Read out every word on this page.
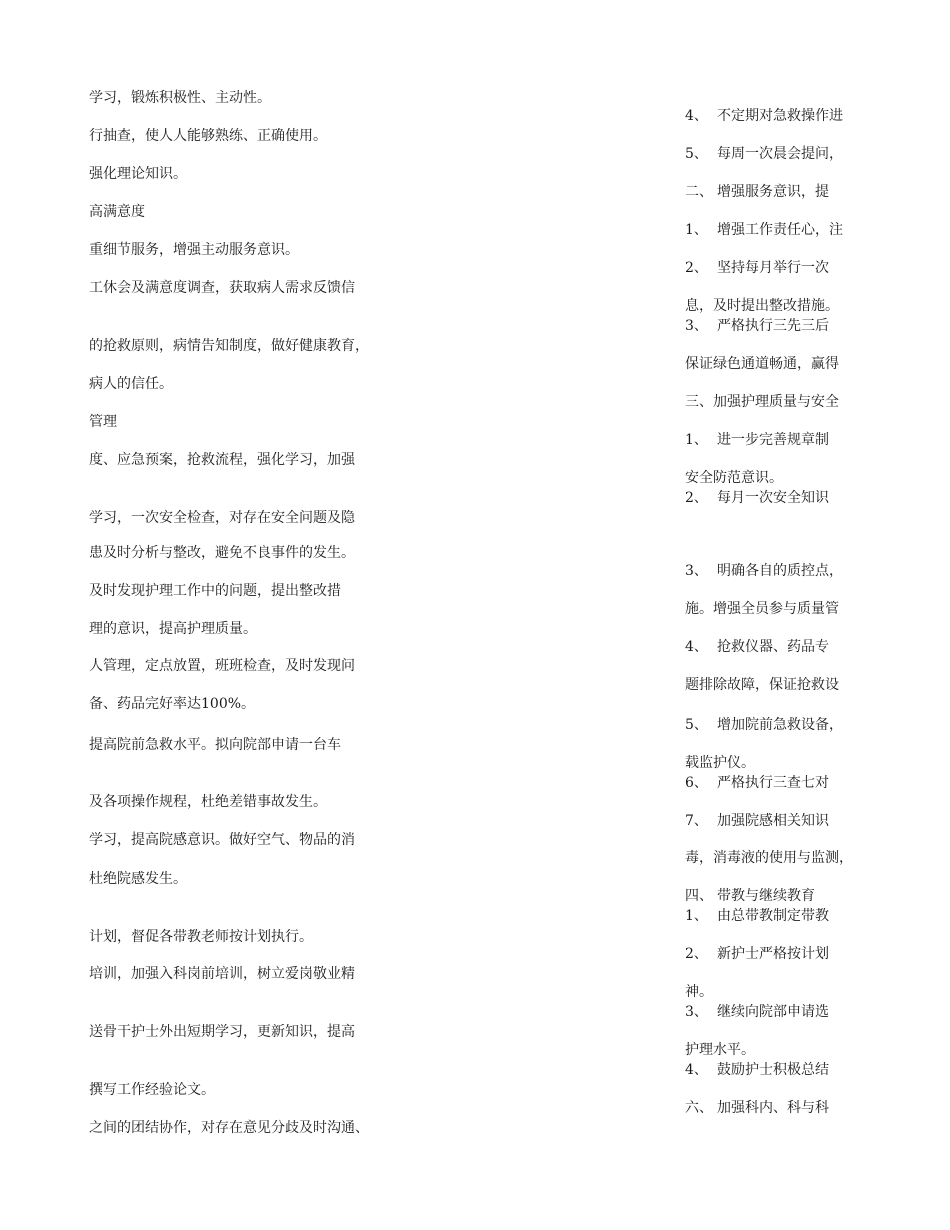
学习，锻炼积极性、主动性。
行抽查，使人人能够熟练、正确使用。
强化理论知识。
高满意度
重细节服务，增强主动服务意识。
工休会及满意度调查，获取病人需求反馈信
的抢救原则，病情告知制度，做好健康教育，
病人的信任。
管理
度、应急预案，抢救流程，强化学习，加强
学习，一次安全检查，对存在安全问题及隐
患及时分析与整改，避免不良事件的发生。
及时发现护理工作中的问题，提出整改措
理的意识，提高护理质量。
人管理，定点放置，班班检查，及时发现问
备、药品完好率达100%。
提高院前急救水平。拟向院部申请一台车
及各项操作规程，杜绝差错事故发生。
学习，提高院感意识。做好空气、物品的消
杜绝院感发生。
计划，督促各带教老师按计划执行。
培训，加强入科岗前培训，树立爱岗敬业精
送骨干护士外出短期学习，更新知识，提高
撰写工作经验论文。
之间的团结协作，对存在意见分歧及时沟通、
4、 不定期对急救操作进
5、 每周一次晨会提问，
二、 增强服务意识，提
1、 增强工作责任心，注
2、 坚持每月举行一次
息，及时提出整改措施。
3、 严格执行三先三后
保证绿色通道畅通，赢得
三、加强护理质量与安全
1、 进一步完善规章制
安全防范意识。
2、 每月一次安全知识
3、 明确各自的质控点，
施。增强全员参与质量管
4、 抢救仪器、药品专
题排除故障，保证抢救设
5、 增加院前急救设备，
载监护仪。
6、 严格执行三查七对
7、 加强院感相关知识
毒，消毒液的使用与监测，
四、 带教与继续教育
1、 由总带教制定带教
2、 新护士严格按计划
神。
3、 继续向院部申请选
护理水平。
4、 鼓励护士积极总结
六、 加强科内、科与科
